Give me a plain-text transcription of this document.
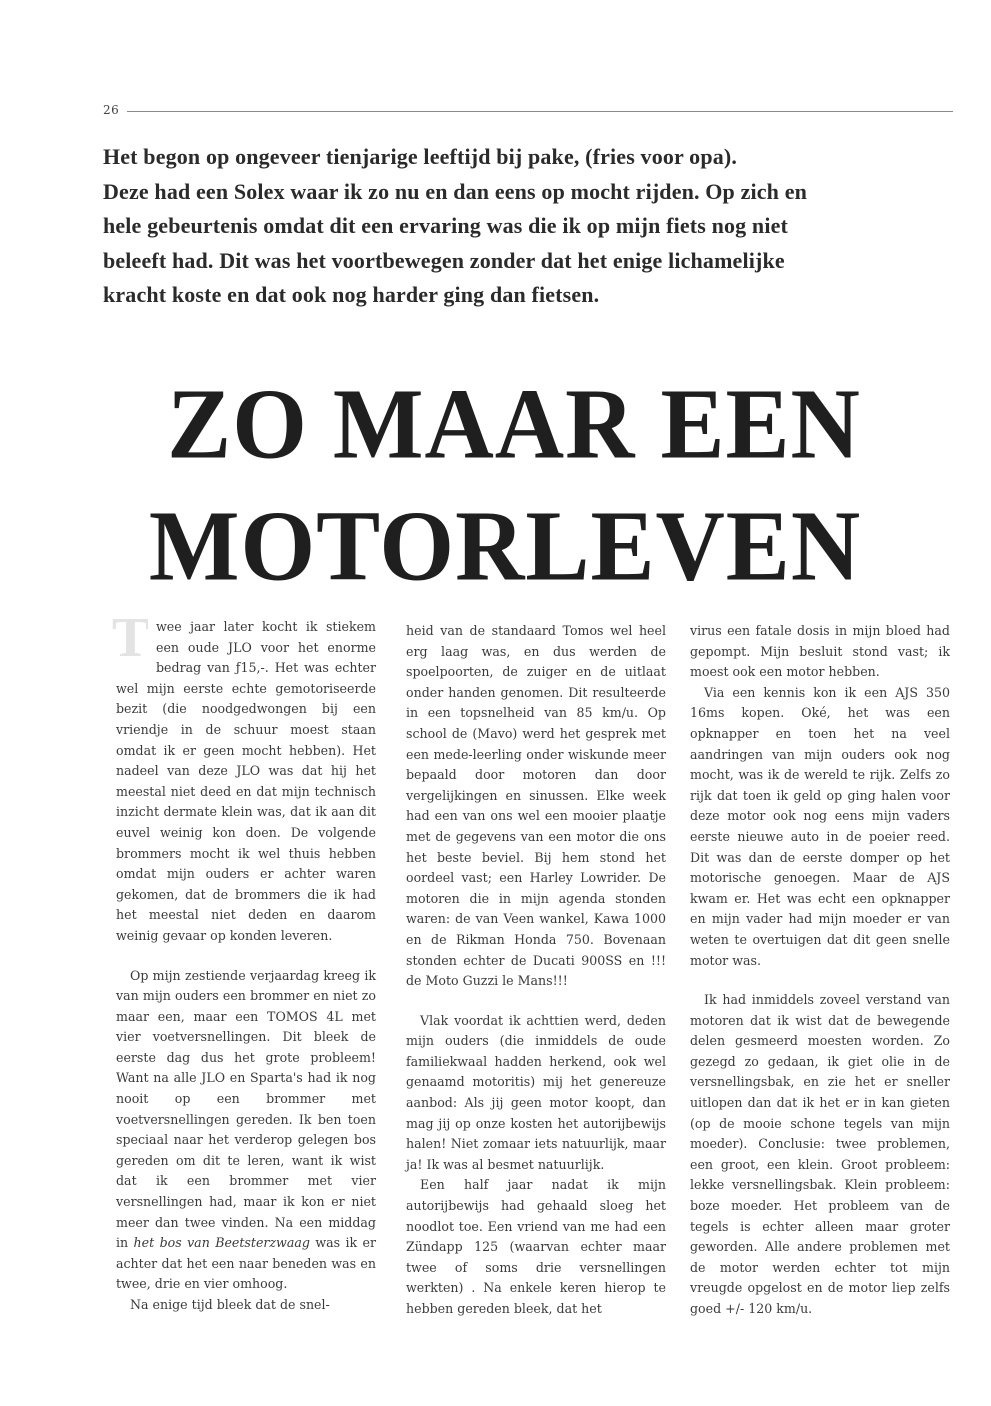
26
Het begon op ongeveer tienjarige leeftijd bij pake, (fries voor opa).
Deze had een Solex waar ik zo nu en dan eens op mocht rijden. Op zich en
hele gebeurtenis omdat dit een ervaring was die ik op mijn fiets nog niet
beleeft had. Dit was het voortbewegen zonder dat het enige lichamelijke
kracht koste en dat ook nog harder ging dan fietsen.
ZO MAAR EEN
MOTORLEVEN

T wee jaar later kocht ik stiekem een oude JLO voor het enorme bedrag van ƒ15,-. Het was echter wel mijn eerste echte gemotoriseerde bezit (die noodgedwongen bij een vriendje in de schuur moest staan omdat ik er geen mocht hebben). Het nadeel van deze JLO was dat hij het meestal niet deed en dat mijn technisch inzicht dermate klein was, dat ik aan dit euvel weinig kon doen. De volgende brommers mocht ik wel thuis hebben omdat mijn ouders er achter waren gekomen, dat de brommers die ik had het meestal niet deden en daarom weinig gevaar op konden leveren.

Op mijn zestiende verjaardag kreeg ik van mijn ouders een brommer en niet zo maar een, maar een TOMOS 4L met vier voetversnellingen. Dit bleek de eerste dag dus het grote probleem! Want na alle JLO en Sparta's had ik nog nooit op een brommer met voetversnellingen gereden. Ik ben toen speciaal naar het verderop gelegen bos gereden om dit te leren, want ik wist dat ik een brommer met vier versnellingen had, maar ik kon er niet meer dan twee vinden. Na een middag in het bos van Beetsterzwaag was ik er achter dat het een naar beneden was en twee, drie en vier omhoog.

Na enige tijd bleek dat de snel-

heid van de standaard Tomos wel heel erg laag was, en dus werden de spoelpoorten, de zuiger en de uitlaat onder handen genomen. Dit resulteerde in een topsnelheid van 85 km/u. Op school de (Mavo) werd het gesprek met een mede-leerling onder wiskunde meer bepaald door motoren dan door vergelijkingen en sinussen. Elke week had een van ons wel een mooier plaatje met de gegevens van een motor die ons het beste beviel. Bij hem stond het oordeel vast; een Harley Lowrider. De motoren die in mijn agenda stonden waren: de van Veen wankel, Kawa 1000 en de Rikman Honda 750. Bovenaan stonden echter de Ducati 900SS en !!! de Moto Guzzi le Mans!!!

Vlak voordat ik achttien werd, deden mijn ouders (die inmiddels de oude familiekwaal hadden herkend, ook wel genaamd motoritis) mij het genereuze aanbod: Als jij geen motor koopt, dan mag jij op onze kosten het autorijbewijs halen! Niet zomaar iets natuurlijk, maar ja! Ik was al besmet natuurlijk.

Een half jaar nadat ik mijn autorijbewijs had gehaald sloeg het noodlot toe. Een vriend van me had een Zündapp 125 (waarvan echter maar twee of soms drie versnellingen werkten) . Na enkele keren hierop te hebben gereden bleek, dat het

virus een fatale dosis in mijn bloed had gepompt. Mijn besluit stond vast; ik moest ook een motor hebben.

Via een kennis kon ik een AJS 350 16ms kopen. Oké, het was een opknapper en toen het na veel aandringen van mijn ouders ook nog mocht, was ik de wereld te rijk. Zelfs zo rijk dat toen ik geld op ging halen voor deze motor ook nog eens mijn vaders eerste nieuwe auto in de poeier reed. Dit was dan de eerste domper op het motorische genoegen. Maar de AJS kwam er. Het was echt een opknapper en mijn vader had mijn moeder er van weten te overtuigen dat dit geen snelle motor was.

Ik had inmiddels zoveel verstand van motoren dat ik wist dat de bewegende delen gesmeerd moesten worden. Zo gezegd zo gedaan, ik giet olie in de versnellingsbak, en zie het er sneller uitlopen dan dat ik het er in kan gieten (op de mooie schone tegels van mijn moeder). Conclusie: twee problemen, een groot, een klein. Groot probleem: lekke versnellingsbak. Klein probleem: boze moeder. Het probleem van de tegels is echter alleen maar groter geworden. Alle andere problemen met de motor werden echter tot mijn vreugde opgelost en de motor liep zelfs goed +/- 120 km/u.
